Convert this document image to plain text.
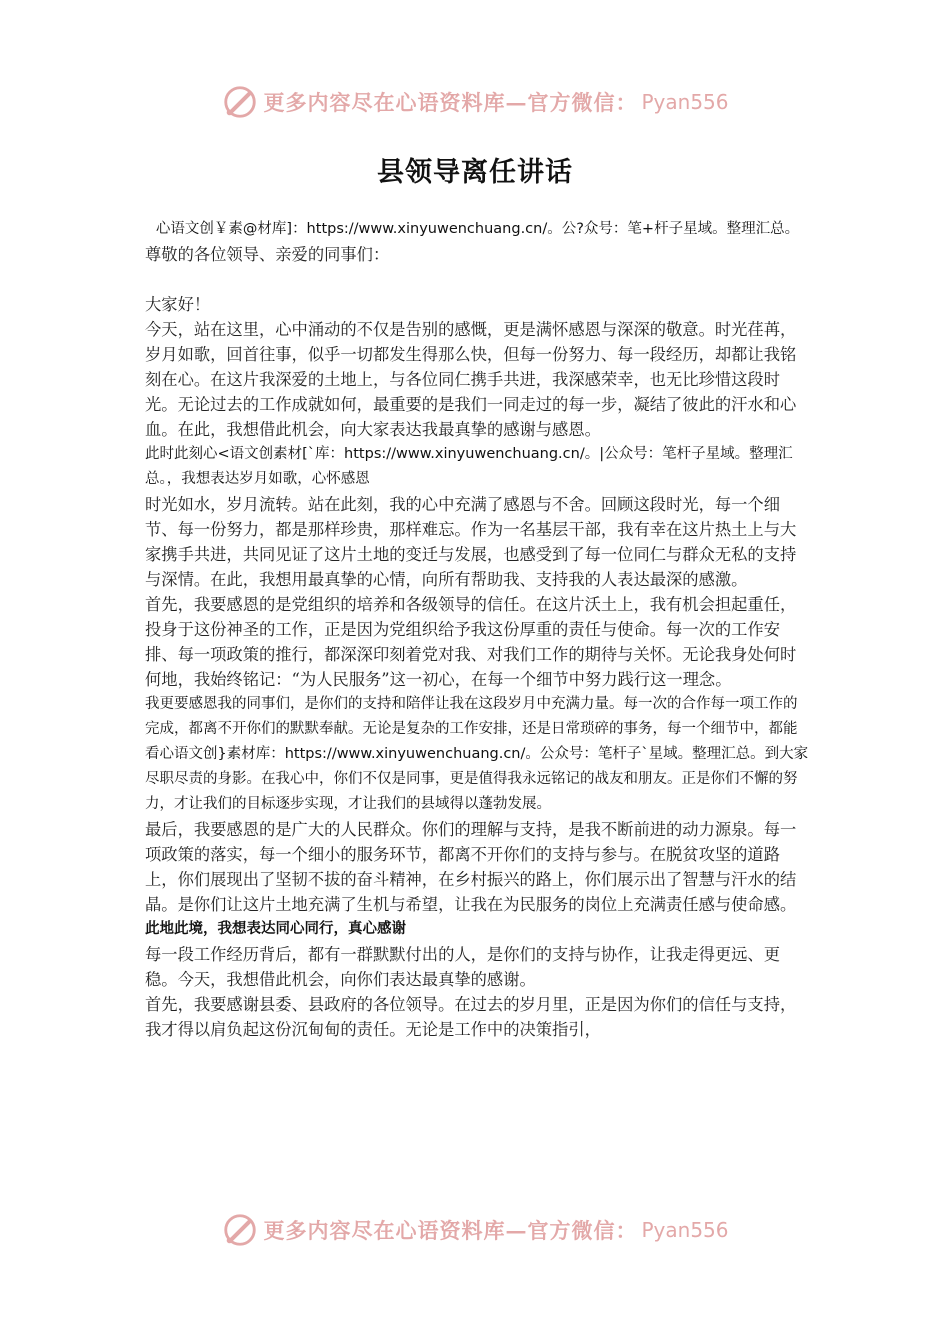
更多内容尽在心语资料库—官方微信： Pyan556
县领导离任讲话

心语文创￥素@材库]：https://www.xinyuwenchuang.cn/。公?众号：笔+杆子星域。整理汇总。

尊敬的各位领导、亲爱的同事们：

大家好！

今天，站在这里，心中涌动的不仅是告别的感慨，更是满怀感恩与深深的敬意。时光荏苒，岁月如歌，回首往事，似乎一切都发生得那么快，但每一份努力、每一段经历，却都让我铭刻在心。在这片我深爱的土地上，与各位同仁携手共进，我深感荣幸，也无比珍惜这段时光。无论过去的工作成就如何，最重要的是我们一同走过的每一步，凝结了彼此的汗水和心血。在此，我想借此机会，向大家表达我最真挚的感谢与感恩。

此时此刻心<语文创素材[`库：https://www.xinyuwenchuang.cn/。|公众号：笔杆子星域。整理汇总。，我想表达岁月如歌，心怀感恩

时光如水，岁月流转。站在此刻，我的心中充满了感恩与不舍。回顾这段时光，每一个细节、每一份努力，都是那样珍贵，那样难忘。作为一名基层干部，我有幸在这片热土上与大家携手共进，共同见证了这片土地的变迁与发展，也感受到了每一位同仁与群众无私的支持与深情。在此，我想用最真挚的心情，向所有帮助我、支持我的人表达最深的感激。

首先，我要感恩的是党组织的培养和各级领导的信任。在这片沃土上，我有机会担起重任，投身于这份神圣的工作，正是因为党组织给予我这份厚重的责任与使命。每一次的工作安排、每一项政策的推行，都深深印刻着党对我、对我们工作的期待与关怀。无论我身处何时何地，我始终铭记：“为人民服务”这一初心，在每一个细节中努力践行这一理念。

我更要感恩我的同事们，是你们的支持和陪伴让我在这段岁月中充满力量。每一次的合作每一项工作的完成，都离不开你们的默默奉献。无论是复杂的工作安排，还是日常琐碎的事务，每一个细节中，都能看心语文创}素材库：https://www.xinyuwenchuang.cn/。公众号：笔杆子`星域。整理汇总。到大家尽职尽责的身影。在我心中，你们不仅是同事，更是值得我永远铭记的战友和朋友。正是你们不懈的努力，才让我们的目标逐步实现，才让我们的县域得以蓬勃发展。

最后，我要感恩的是广大的人民群众。你们的理解与支持，是我不断前进的动力源泉。每一项政策的落实，每一个细小的服务环节，都离不开你们的支持与参与。在脱贫攻坚的道路上，你们展现出了坚韧不拔的奋斗精神，在乡村振兴的路上，你们展示出了智慧与汗水的结晶。是你们让这片土地充满了生机与希望，让我在为民服务的岗位上充满责任感与使命感。

此地此境，我想表达同心同行，真心感谢

每一段工作经历背后，都有一群默默付出的人，是你们的支持与协作，让我走得更远、更稳。今天，我想借此机会，向你们表达最真挚的感谢。

首先，我要感谢县委、县政府的各位领导。在过去的岁月里，正是因为你们的信任与支持，我才得以肩负起这份沉甸甸的责任。无论是工作中的决策指引，

更多内容尽在心语资料库—官方微信： Pyan556
